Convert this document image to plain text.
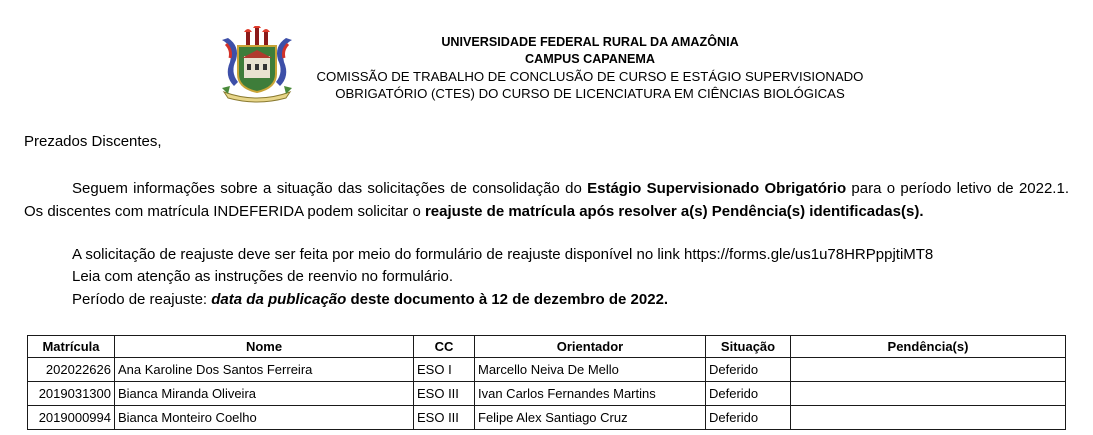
UNIVERSIDADE FEDERAL RURAL DA AMAZÔNIA
CAMPUS CAPANEMA
COMISSÃO DE TRABALHO DE CONCLUSÃO DE CURSO E ESTÁGIO SUPERVISIONADO
OBRIGATÓRIO (CTES) DO CURSO DE LICENCIATURA EM CIÊNCIAS BIOLÓGICAS
Prezados Discentes,
Seguem informações sobre a situação das solicitações de consolidação do Estágio Supervisionado Obrigatório para o período letivo de 2022.1. Os discentes com matrícula INDEFERIDA podem solicitar o reajuste de matrícula após resolver a(s) Pendência(s) identificadas(s).
A solicitação de reajuste deve ser feita por meio do formulário de reajuste disponível no link https://forms.gle/us1u78HRPppjtiMT8
Leia com atenção as instruções de reenvio no formulário.
Período de reajuste: data da publicação deste documento à 12 de dezembro de 2022.
Matrícula	Nome	CC	Orientador	Situação	Pendência(s)
202022626	Ana Karoline Dos Santos Ferreira	ESO I	Marcello Neiva De Mello	Deferido	
2019031300	Bianca Miranda Oliveira	ESO III	Ivan Carlos Fernandes Martins	Deferido	
2019000994	Bianca Monteiro Coelho	ESO III	Felipe Alex Santiago Cruz	Deferido	
